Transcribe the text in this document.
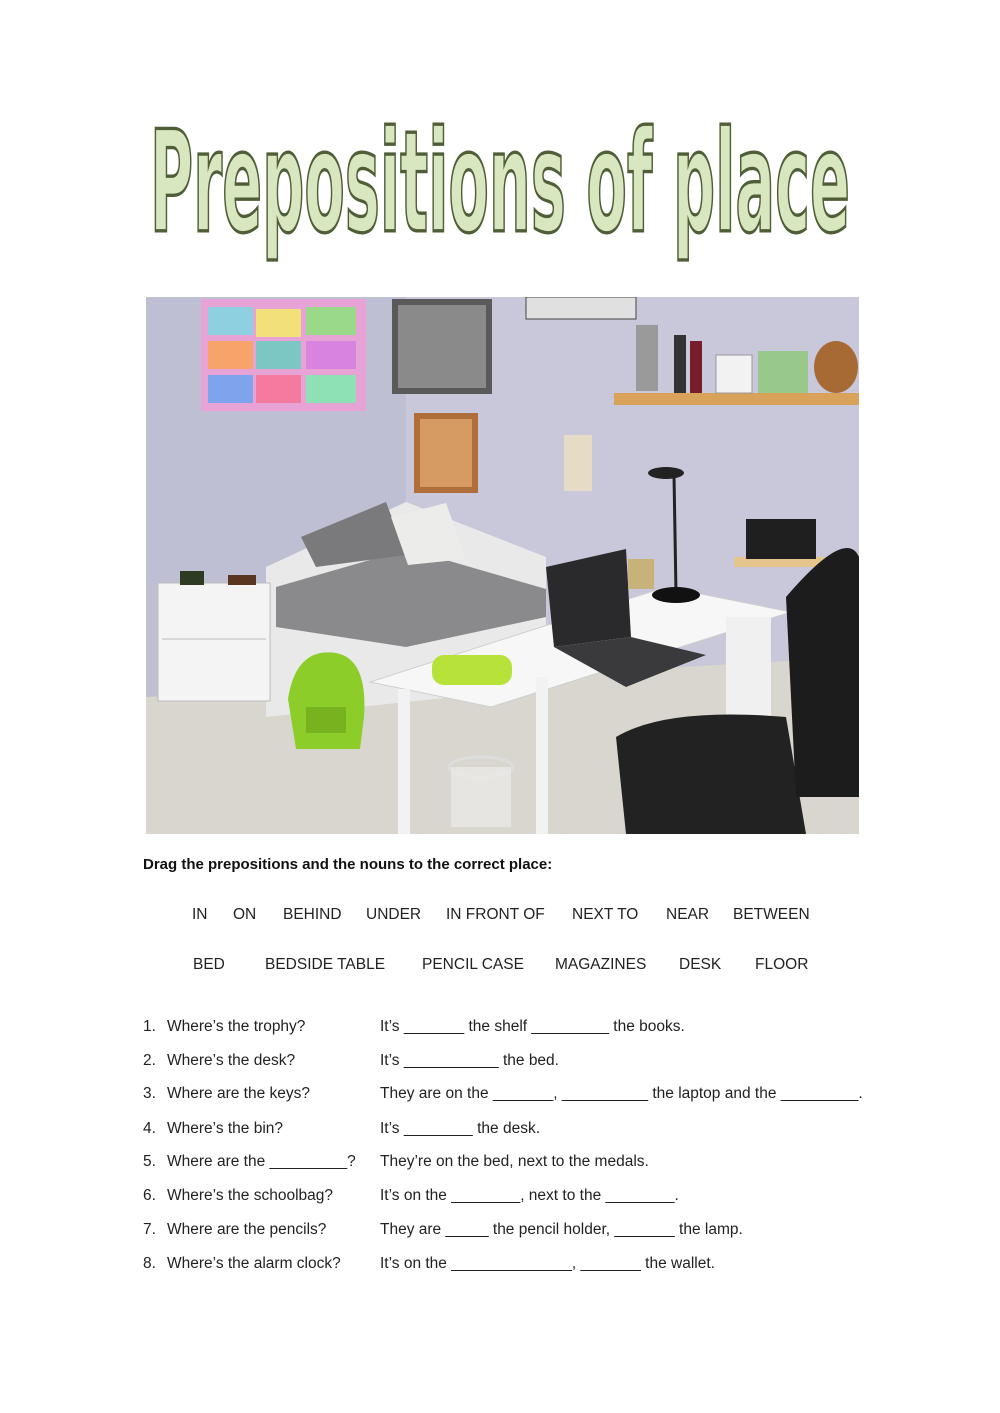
Prepositions of place
Drag the prepositions and the nouns to the correct place:
IN ON BEHIND UNDER IN FRONT OF NEXT TO NEAR BETWEEN
BED	BEDSIDE TABLE PENCIL CASE MAGAZINES DESK FLOOR
1. Where’s the trophy?	It’s _______ the shelf _________ the books.
2. Where’s the desk?	It’s ___________ the bed.
3. Where are the keys?	They are on the _______, __________ the laptop and the _________.
4. Where’s the bin?	It’s ________ the desk.
5. Where are the _________? They’re on the bed, next to the medals.
6. Where’s the schoolbag?	It’s on the ________, next to the ________.
7. Where are the pencils?	They are _____ the pencil holder, _______ the lamp.
8. Where’s the alarm clock?	It’s on the ______________, _______ the wallet.
